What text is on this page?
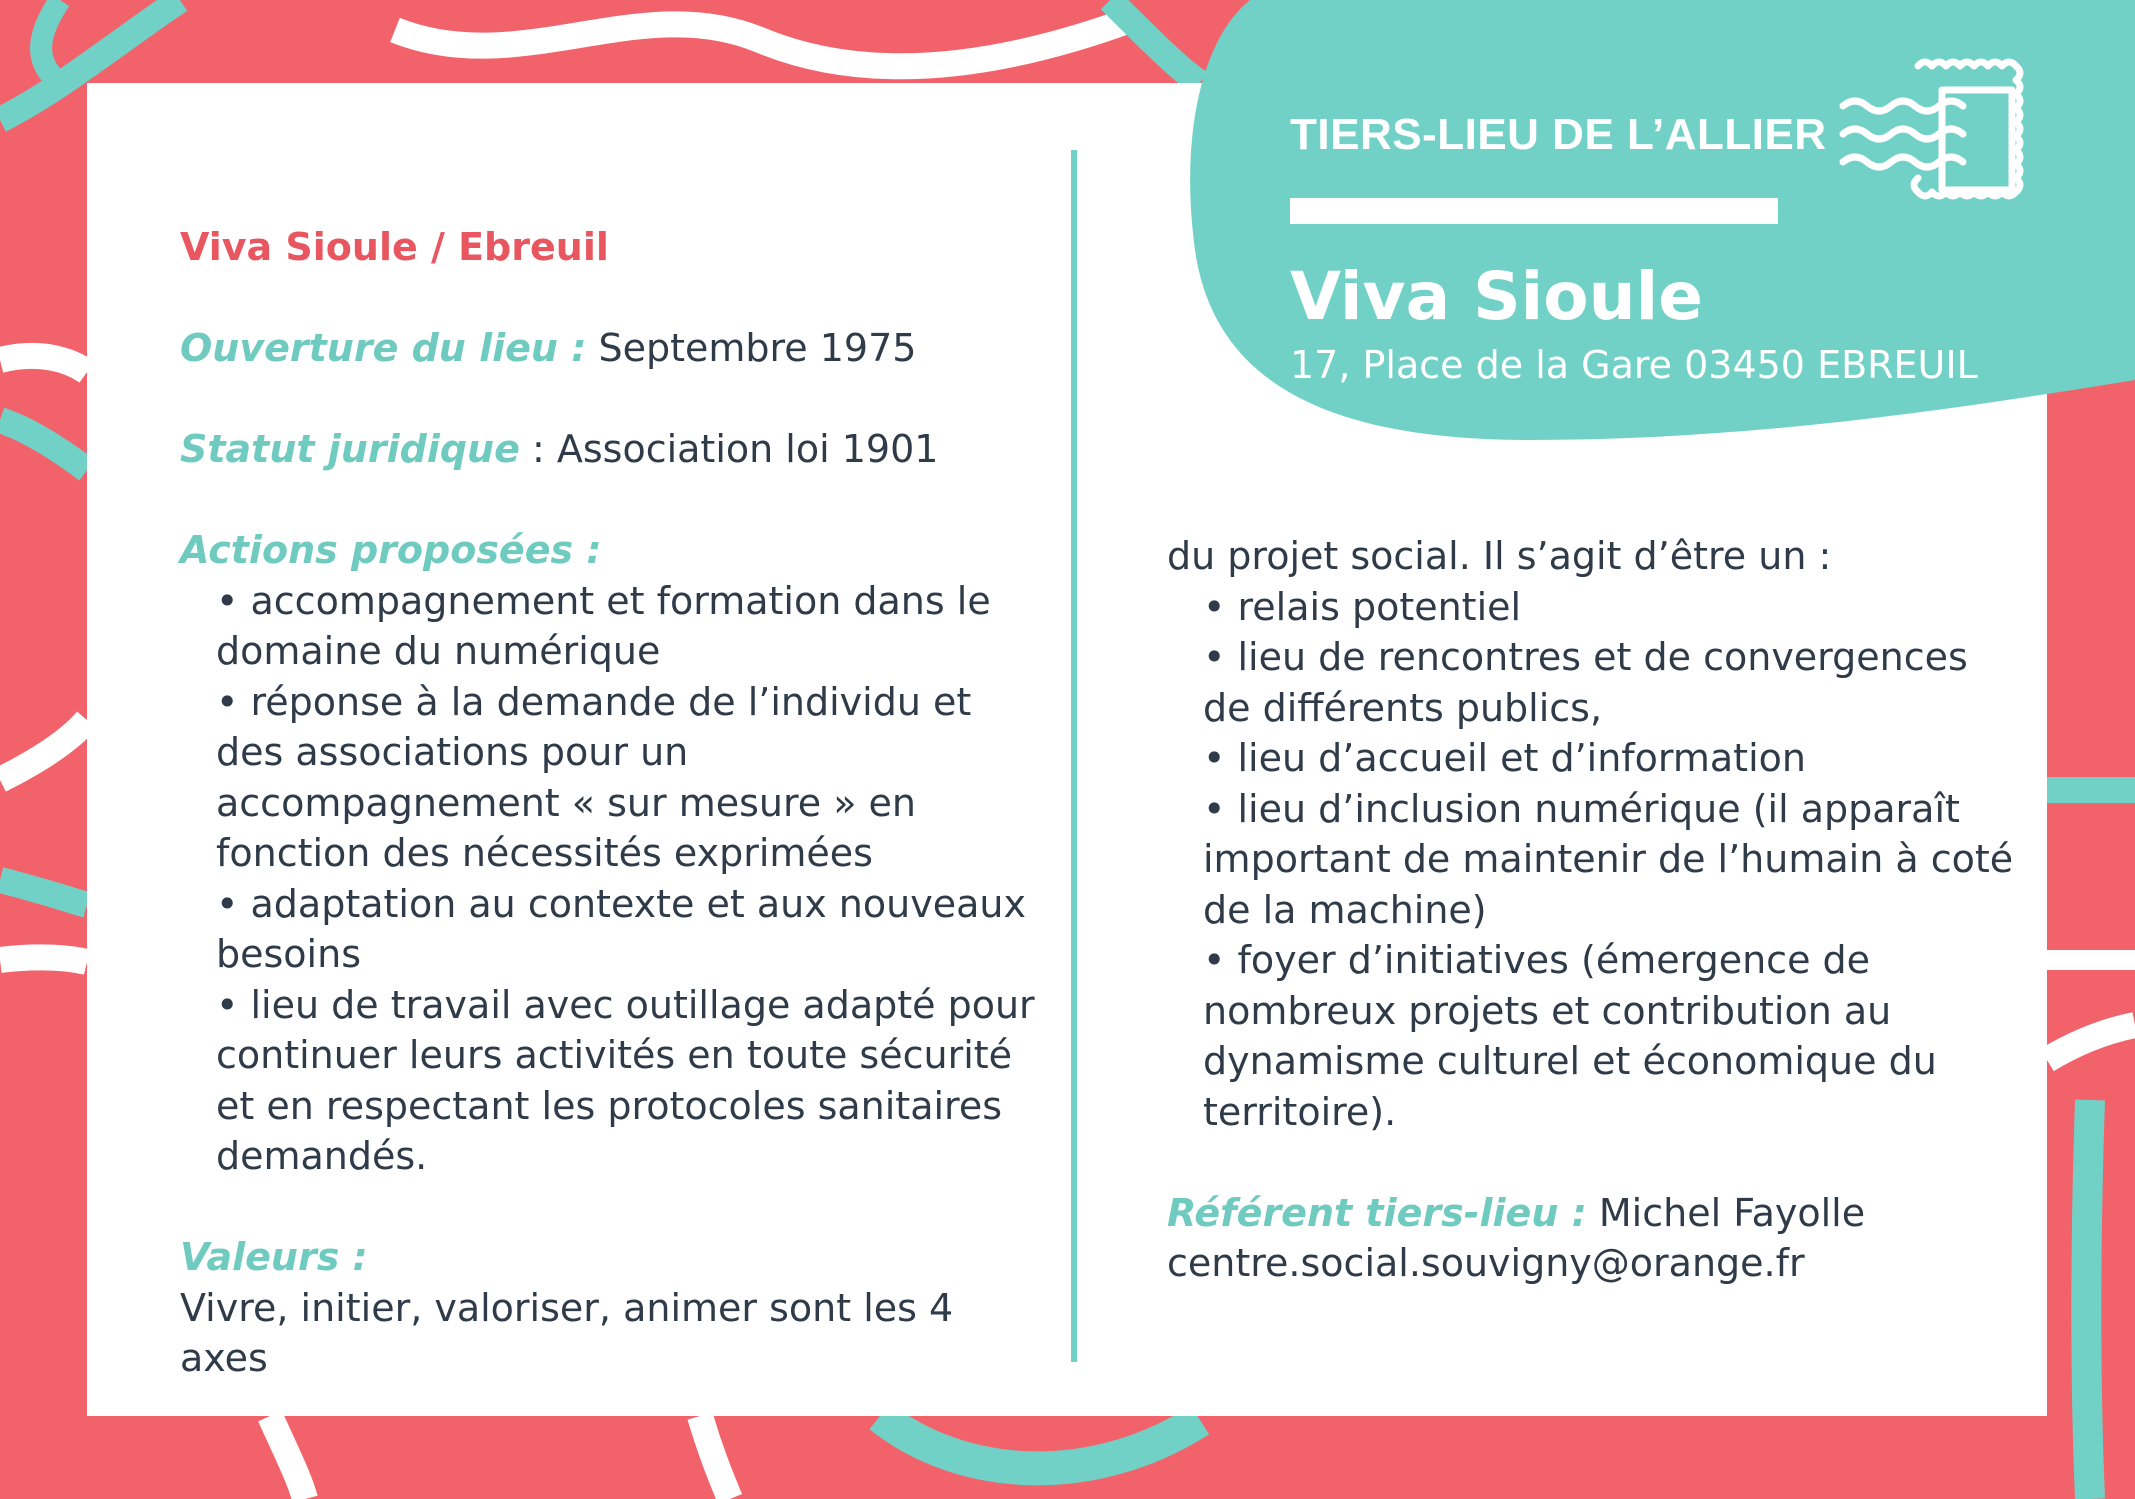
TIERS-LIEU DE L’ALLIER
Viva Sioule
17, Place de la Gare 03450 EBREUIL

Viva Sioule / Ebreuil

Ouverture du lieu : Septembre 1975

Statut juridique : Association loi 1901

Actions proposées :

• accompagnement et formation dans le domaine du numérique
• réponse à la demande de l’individu et des associations pour un accompagnement « sur mesure » en fonction des nécessités exprimées
• adaptation au contexte et aux nouveaux besoins
• lieu de travail avec outillage adapté pour continuer leurs activités en toute sécurité et en respectant les protocoles sanitaires demandés.

Valeurs :

Vivre, initier, valoriser, animer sont les 4 axes

du projet social. Il s’agit d’être un :

• relais potentiel
• lieu de rencontres et de convergences de différents publics,
• lieu d’accueil et d’information
• lieu d’inclusion numérique (il apparaît important de maintenir de l’humain à coté de la machine)
• foyer d’initiatives (émergence de nombreux projets et contribution au dynamisme culturel et économique du territoire).

Référent tiers-lieu : Michel Fayolle

centre.social.souvigny@orange.fr
